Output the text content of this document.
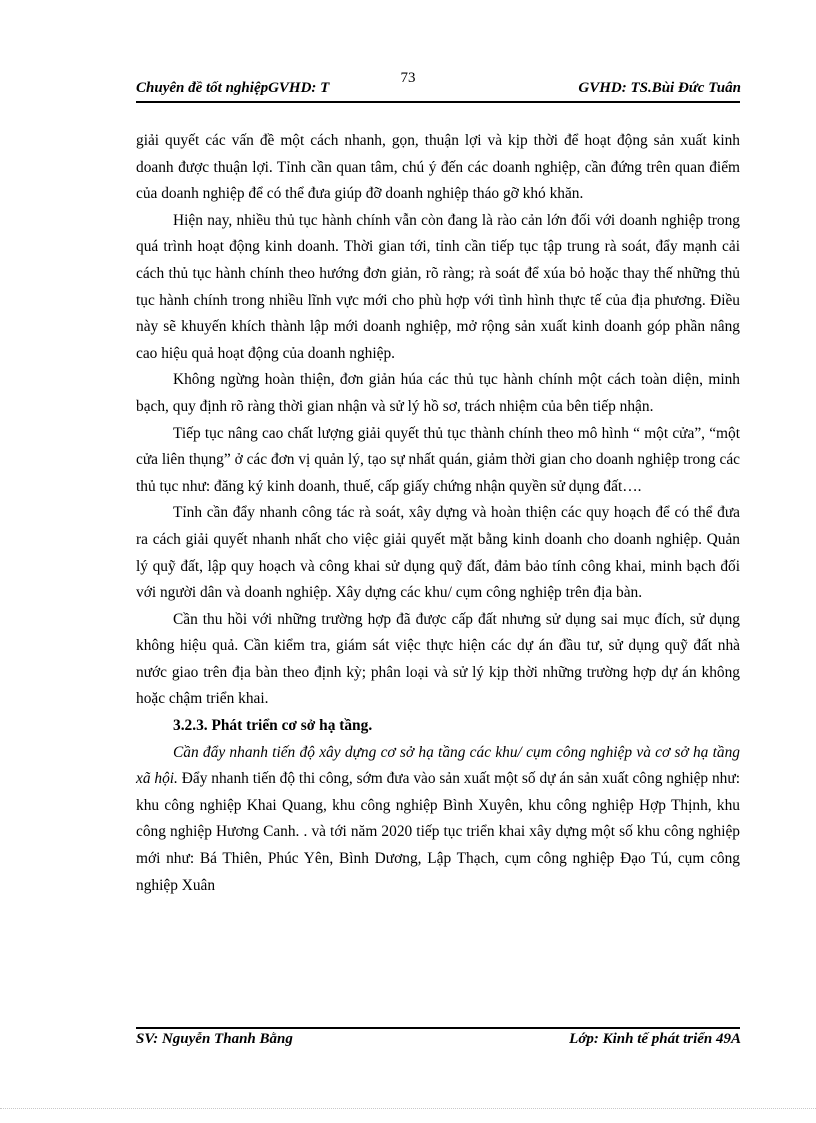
73
Chuyên đề tốt nghiệpGVHD: T	GVHD: TS.Bùi Đức Tuân

giải quyết các vấn đề một cách nhanh, gọn, thuận lợi và kịp thời để hoạt động sản xuất kinh doanh được thuận lợi. Tỉnh cần quan tâm, chú ý đến các doanh nghiệp, cần đứng trên quan điểm của doanh nghiệp để có thể đưa giúp đỡ doanh nghiệp tháo gỡ khó khăn.

Hiện nay, nhiều thủ tục hành chính vẫn còn đang là rào cản lớn đối với doanh nghiệp trong quá trình hoạt động kinh doanh. Thời gian tới, tỉnh cần tiếp tục tập trung rà soát, đẩy mạnh cải cách thủ tục hành chính theo hướng đơn giản, rõ ràng; rà soát để xúa bỏ hoặc thay thế những thủ tục hành chính trong nhiều lĩnh vực mới cho phù hợp với tình hình thực tế của địa phương. Điều này sẽ khuyến khích thành lập mới doanh nghiệp, mở rộng sản xuất kinh doanh góp phần nâng cao hiệu quả hoạt động của doanh nghiệp.

Không ngừng hoàn thiện, đơn giản húa các thủ tục hành chính một cách toàn diện, minh bạch, quy định rõ ràng thời gian nhận và sử lý hồ sơ, trách nhiệm của bên tiếp nhận.

Tiếp tục nâng cao chất lượng giải quyết thủ tục thành chính theo mô hình “ một cửa”, “một cửa liên thụng” ở các đơn vị quản lý, tạo sự nhất quán, giảm thời gian cho doanh nghiệp trong các thủ tục như: đăng ký kinh doanh, thuế, cấp giấy chứng nhận quyền sử dụng đất….

Tỉnh cần đẩy nhanh công tác rà soát, xây dựng và hoàn thiện các quy hoạch để có thể đưa ra cách giải quyết nhanh nhất cho việc giải quyết mặt bằng kinh doanh cho doanh nghiệp. Quản lý quỹ đất, lập quy hoạch và công khai sử dụng quỹ đất, đảm bảo tính công khai, minh bạch đối với người dân và doanh nghiệp. Xây dựng các khu/ cụm công nghiệp trên địa bàn.

Cần thu hồi với những trường hợp đã được cấp đất nhưng sử dụng sai mục đích, sử dụng không hiệu quả. Cần kiểm tra, giám sát việc thực hiện các dự án đầu tư, sử dụng quỹ đất nhà nước giao trên địa bàn theo định kỳ; phân loại và sử lý kịp thời những trường hợp dự án không hoặc chậm triển khai.

3.2.3. Phát triển cơ sở hạ tầng.

Cần đẩy nhanh tiến độ xây dựng cơ sở hạ tầng các khu/ cụm công nghiệp và cơ sở hạ tầng xã hội. Đẩy nhanh tiến độ thi công, sớm đưa vào sản xuất một số dự án sản xuất công nghiệp như: khu công nghiệp Khai Quang, khu công nghiệp Bình Xuyên, khu công nghiệp Hợp Thịnh, khu công nghiệp Hương Canh. . và tới năm 2020 tiếp tục triển khai xây dựng một số khu công nghiệp mới như: Bá Thiên, Phúc Yên, Bình Dương, Lập Thạch, cụm công nghiệp Đạo Tú, cụm công nghiệp Xuân

SV: Nguyễn Thanh Bằng	Lớp: Kinh tế phát triển 49A
